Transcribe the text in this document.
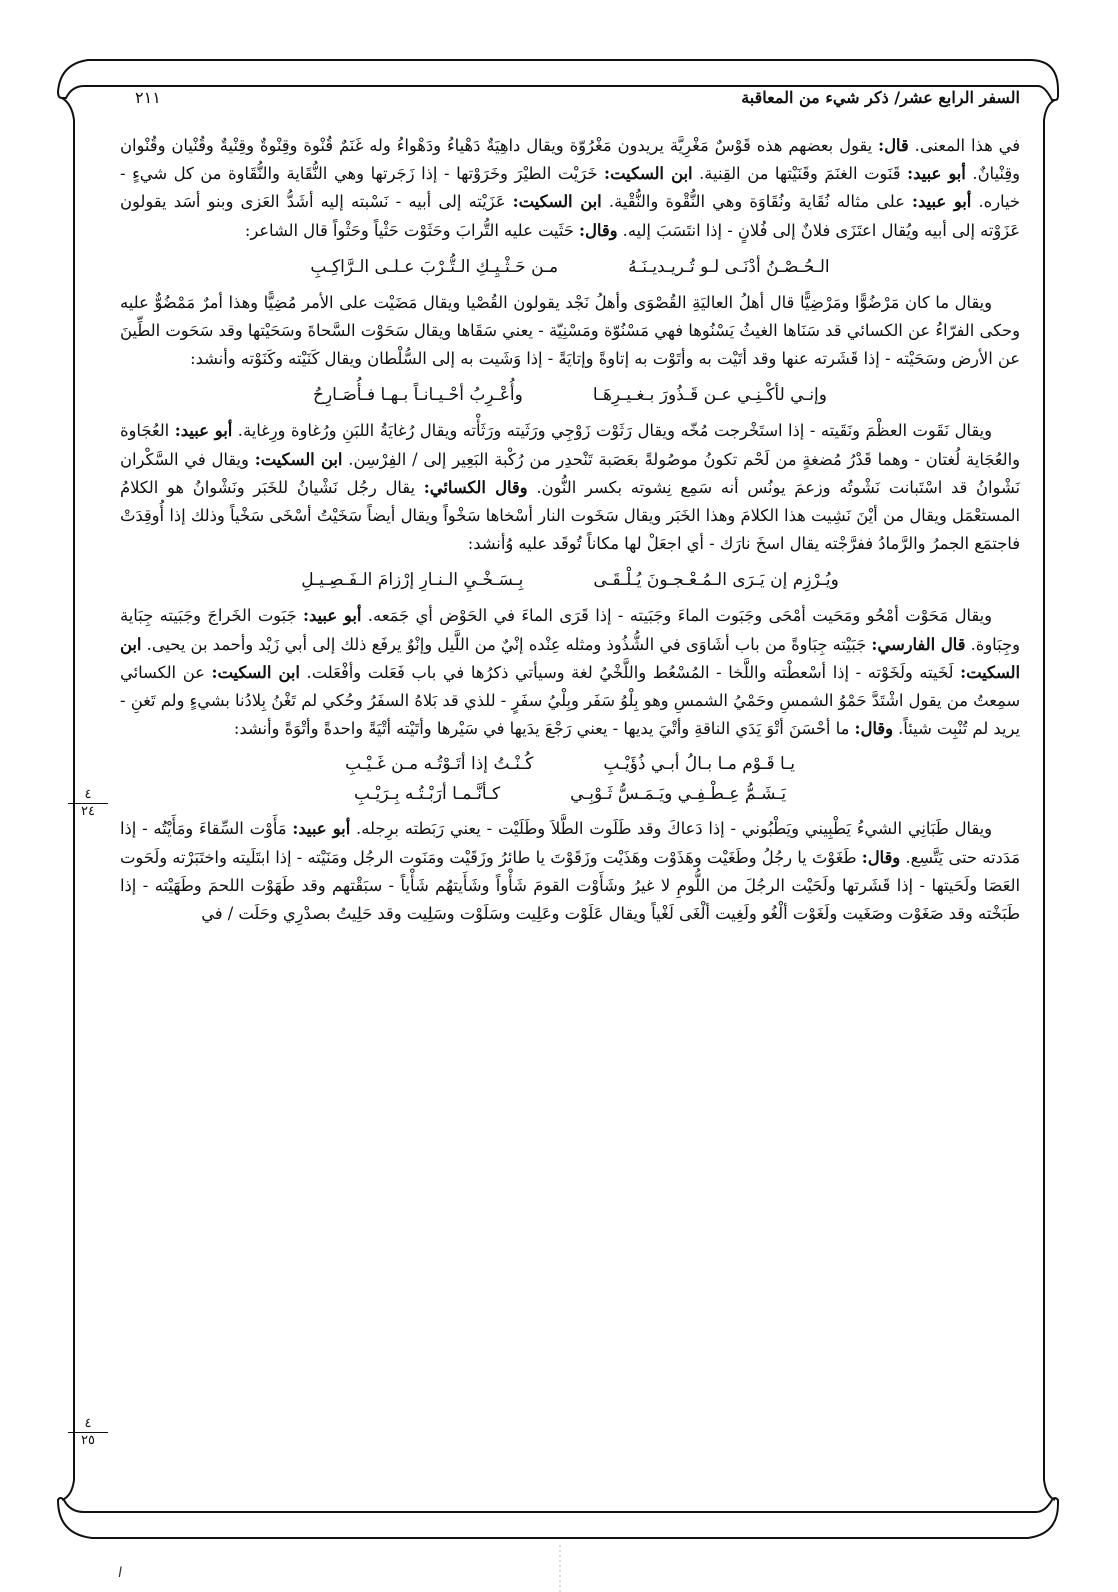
السفر الرابع عشر/ ذكر شيء من المعاقبة
٢١١

في هذا المعنى. قال: يقول بعضهم هذه قَوْسٌ مَغْرِيَّة يريدون مَغْرُوّة ويقال داهِيَةٌ دَهْياءُ ودَهْواءُ وله غَنَمٌ قُنْوة وقِنْوةٌ وقِنْيةٌ وقُنْيان وقُنْوان وقِنْيانٌ. أبو عبيد: قَنَوت الغنَمَ وقَنَيْتها من القِنية. ابن السكيت: خَرَيْت الطيْرَ وخَرَوْتها - إذا زَجَرتها وهي النُّقَاية والنُّقَاوة من كل شيءٍ - خياره. أبو عبيد: على مثاله نُقَاية ونُقَاوَة وهي النُّقْوة والنُّقْية. ابن السكيت: عَزَيْته إلى أبيه - نَسْبته إليه أشَدُّ العَزى وبنو أسَد يقولون عَزَوْته إلى أبيه ويُقال اعتَزَى فلانٌ إلى فُلانٍ - إذا انتَسَبَ إليه. وقال: حَثَيت عليه التُّرابَ وحَثَوْت حَثْياً وحَثْواً قال الشاعر:

الـحُـصْـنُ أدْنَـى لـو تُـريـديـنَـهُ
مـن حَـثْـيِـكِ الـتُّـرْبَ عـلـى الـرَّاكِـبِ

ويقال ما كان مَرْضُوًّا ومَرْضِيًّا قال أهلُ العاليَةِ القُصْوَى وأهلُ نَجْد يقولون القُصْيا ويقال مَضَيْت على الأمر مُضِيًّا وهذا أمرٌ مَمْضُوٌّ عليه وحكى الفرّاءُ عن الكسائي قد سَنَاها الغيثُ يَسْنُوها فهي مَسْنُوّة ومَسْنِيّة - يعني سَقَاها ويقال سَحَوْت السَّحاةَ وسَحَيْتها وقد سَحَوت الطِّينَ عن الأرض وسَحَيْته - إذا قَشَرته عنها وقد أتَيْت به وأتَوْت به إتاوةً وإتايَةً - إذا وَشَيت به إلى السُّلْطان ويقال كَنَيْته وكَنَوْته وأنشد:

وإنـي لأكْـنِـي عـن قَـذُورَ بـغـيـرِهَـا
وأُعْـرِبُ أحْـيـانـاً بـهـا فـأُصَـارِحُ

ويقال نَقَوت العظْمَ ونَقَيته - إذا استَخْرجت مُخّه ويقال رَثَوْت زَوْجِي ورَثَيته ورَثَأْته ويقال رُغايَةُ اللبَنِ ورُغاوة ورِغاية. أبو عبيد: العُجَاوة والعُجَاية لُغتان - وهما قَدْرُ مُضغةٍ من لَحْم تكونُ موصُولةً بعَصَبة تَنْحدِر من رُكْبة البَعِير إلى / الفِرْسِن. ابن السكيت: ويقال في السَّكْران نَشْوانُ قد اسْتَبانت نَشْوتُه وزعمَ يونُس أنه سَمِع نِشوته بكسر النُّون. وقال الكسائي: يقال رجُل نَشْيانُ للخَبَر ونَشْوانُ هو الكلامُ المستعْمَل ويقال من أيْنَ نَشِيت هذا الكلامَ وهذا الخَبَر ويقال سَخَوت النار أسْخاها سَخْواً ويقال أيضاً سَخَيْتُ أسْخَى سَخْياً وذلك إذا أُوقِدَتْ فاجتمَع الجمرُ والرَّمادُ ففرَّجْته يقال اسخَ نارَك - أي اجعَلْ لها مكاناً تُوقَد عليه وُأنشد:

ويُـرْزِم إن يَـرَى الـمُـعْـجـونَ يُـلْـقَـى
بِـسَـخْـيِ الـنـارِ إرْزامَ الـفَـصِـيـلِ

ويقال مَحَوْت أمْحُو ومَحَيت أمْحَى وجَبَوت الماءَ وجَبَيته - إذا قَرَى الماءَ في الحَوْض أي جَمَعه. أبو عبيد: جَبَوت الخَراجَ وجَبَيته جِبَاية وجِبَاوة. قال الفارسي: جَبَيْته جِبَاوةً من باب أشَاوَى في الشُّذُوذ ومثله عِنْده إنْيٌ من اللَّيل وإنْوٌ يرفَع ذلك إلى أبي زَيْد وأحمد بن يحيى. ابن السكيت: لَخَيته ولَخَوْته - إذا أسْعطْته واللَّخا - المُسْعُط واللَّخْيُ لغة وسيأتي ذكرُها في باب فَعَلت وأفْعَلت. ابن السكيت: عن الكسائي سمِعتُ من يقول اشْتَدَّ حَمْوُ الشمسِ وحَمْيُ الشمسِ وهو بِلْوُ سَفَر وبِلْيُ سفَرٍ - للذي قد بَلاهُ السفَرُ وحُكي لم تَغْنُ بِلادُنا بشيءٍ ولم تَغنِ - يريد لم تُنْبِت شيئاً. وقال: ما أحْسَنَ أتْوَ يَدَي الناقةِ وأتْيَ يديها - يعني رَجْعَ يدَيها في سَيْرها وأتَيْته أتْيَةً واحدةً وأتْوَةً وأنشد:

يـا قَـوْم مـا بـالُ أبـي ذُؤَيْـبِ
كُـنْـتُ إذا أتَـوْتُـه مـن غَـيْـبِ
يَـشَـمُّ عِـطْـفِـي ويَـمَـسُّ ثَـوْبِـي
كـأنَّـمـا أرَبْـتُـه بِـرَيْـبِ

ويقال طَبَانِي الشيءُ يَطْبِيني ويَطْبُوني - إذا دَعاكَ وقد طَلَوت الطَّلاَ وطَلَيْت - يعني رَبَطته برِجله. أبو عبيد: مَأَوْت السِّقاءَ ومَأَيْتُه - إذا مَدَدته حتى يَتَّسِع. وقال: طَغَوْتَ يا رجُلُ وطَغَيْت وهَذَوْت وهَذَيْت وزَقَوْتَ يا طائرُ وزَقَيْت ومَنَوت الرجُل ومَنَيْته - إذا ابتَلَيته واختَبَرْته ولَحَوت العَصَا ولَحَيتها - إذا قَشَرتها ولَحَيْت الرجُلَ من اللُّومِ لا غيرُ وشَأَوْت القومَ شَأْواً وشَأَيتهُم شَأْياً - سبَقْتهم وقد طَهَوْت اللحمَ وطَهَيْته - إذا طَبَخْته وقد صَغَوْت وصَغَيت ولَغَوْت ألْغُو ولَغِيت ألْغَى لَغْياً ويقال عَلَوْت وعَلِيت وسَلَوْت وسَلِيت وقد حَلِيتُ بصدْرِي وحَلَت / في

٤
٢٤
٤
٢٥
ا
